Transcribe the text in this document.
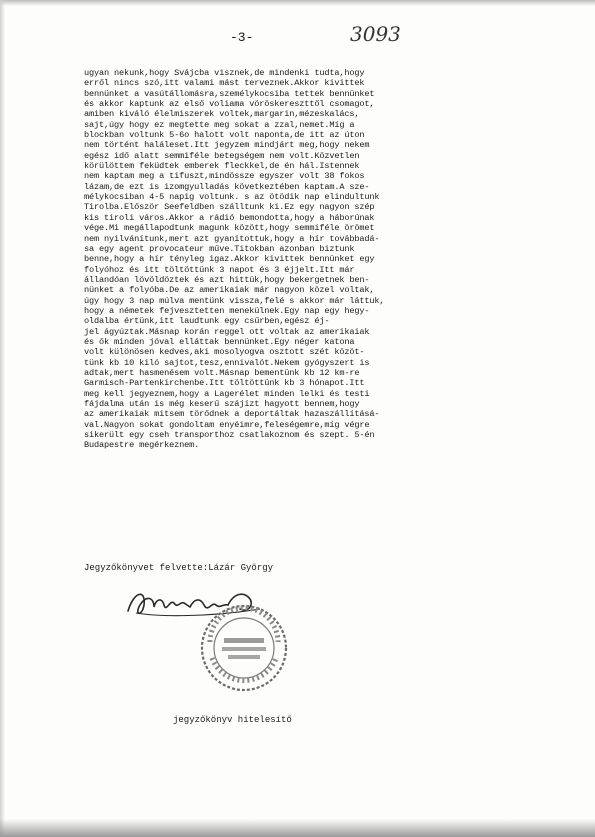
-3-	3093
ugyan nekunk,hogy Svájcba visznek,de mindenki tudta,hogy
erről nincs szó,itt valami mást terveznek.Akkor kivittek
bennünket a vasútállomásra,személykocsiba tettek bennünket
és akkor kaptunk az első voliama vöröskereszttől csomagot,
amiben kiváló élelmiszerek voltek,margarin,mézeskalács,
sajt,úgy hogy ez megtette meg sokat a zzal,nemet.Míg a
blockban voltunk 5-6o halott volt naponta,de itt az úton
nem történt haláleset.Itt jegyzem mindjárt meg,hogy nekem
egész idő alatt semmiféle betegségem nem volt.Közvetlen
körülöttem feküdtek emberek fleckkel,de én hál.Istennek
nem kaptam meg a tifuszt,mindössze egyszer volt 38 fokos
lázam,de ezt is izomgyulladás következtében kaptam.A sze-
mélykocsiban 4-5 napig voltunk. s az ötödik nap elindultunk
Tirolba.Először Seefeldben szálltunk ki.Ez egy nagyon szép
kis tiroli város.Akkor a rádió bemondotta,hogy a háborúnak
vége.Mi megállapodtunk magunk között,hogy semmiféle örömet
nem nyilvánítunk,mert azt gyanítottuk,hogy a hír továbbadá-
sa egy agent provocateur műve.Titokban azonban biztunk
benne,hogy a hír tényleg igaz.Akkor kivittek bennünket egy
folyóhoz és itt töltöttünk 3 napot és 3 éjjelt.Itt már
állandóan lövöldöztek és azt hittük,hogy bekergetnek ben-
nünket a folyóba.De az amerikaiak már nagyon közel voltak,
úgy hogy 3 nap múlva mentünk vissza,felé s akkor már láttuk,
hogy a németek fejvesztetten menekülnek.Egy nap egy hegy-
oldalba értünk,itt laudtunk egy csűrben,egész éj-
jel ágyúztak.Másnap korán reggel ott voltak az amerikaiak
és ők minden jóval elláttak bennünket.Egy néger katona
volt különösen kedves,aki mosolyogva osztott szét közöt-
tünk kb 10 kiló sajtot,tesz,ennivalót.Nekem gyógyszert is
adtak,mert hasmenésem volt.Másnap bementünk kb 12 km-re
Garmisch-Partenkirchenbe.Itt töltöttünk kb 3 hónapot.Itt
meg kell jegyeznem,hogy a Lagerélet minden lelki és testi
fájdalma után is még keserű szájízt hagyott bennem,hogy
az amerikaiak mitsem törődnek a deportáltak hazaszállításá-
val.Nagyon sokat gondoltam enyéimre,feleségemre,míg végre
sikerült egy cseh transporthoz csatlakoznom és szept. 5-én
Budapestre megérkeznem.
Jegyzőkönyvet felvette:Lázár György
jegyzőkönyv hitelesítő
